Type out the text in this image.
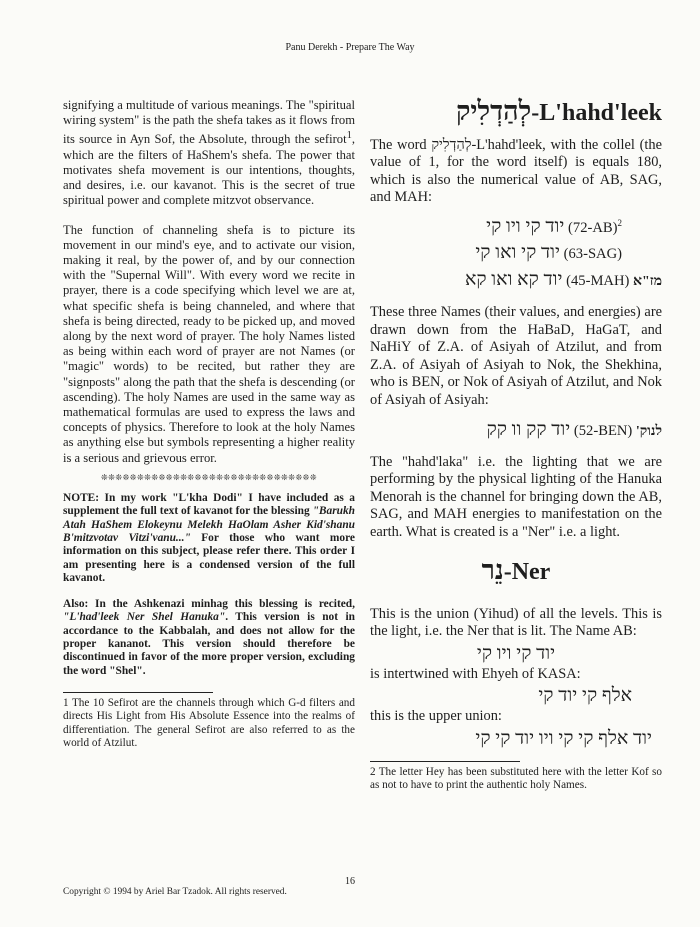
Panu Derekh - Prepare The Way

signifying a multitude of various meanings. The "spiritual wiring system" is the path the shefa takes as it flows from its source in Ayn Sof, the Absolute, through the sefirot$^1$, which are the filters of HaShem's shefa. The power that motivates shefa movement is our intentions, thoughts, and desires, i.e. our kavanot. This is the secret of true spiritual power and complete mitzvot observance.

The function of channeling shefa is to picture its movement in our mind's eye, and to activate our vision, making it real, by the power of, and by our connection with the "Supernal Will". With every word we recite in prayer, there is a code specifying which level we are at, what specific shefa is being channeled, and where that shefa is being directed, ready to be picked up, and moved along by the next word of prayer. The holy Names listed as being within each word of prayer are not Names (or "magic" words) to be recited, but rather they are "signposts" along the path that the shefa is descending (or ascending). The holy Names are used in the same way as mathematical formulas are used to express the laws and concepts of physics. Therefore to look at the holy Names as anything else but symbols representing a higher reality is a serious and grievous error.

❊❊❊❊❊❊❊❊❊❊❊❊❊❊❊❊❊❊❊❊❊❊❊❊❊❊❊❊❊❊

NOTE: In my work "L'kha Dodi" I have included as a supplement the full text of kavanot for the blessing "Barukh Atah HaShem Elokeynu Melekh HaOlam Asher Kid'shanu B'mitzvotav Vitzi'vanu..." For those who want more information on this subject, please refer there. This order I am presenting here is a condensed version of the full kavanot.

Also: In the Ashkenazi minhag this blessing is recited, "L'had'leek Ner Shel Hanuka". This version is not in accordance to the Kabbalah, and does not allow for the proper kananot. This version should therefore be discontinued in favor of the more proper version, excluding the word "Shel".

1 The 10 Sefirot are the channels through which G-d filters and directs His Light from His Absolute Essence into the realms of differentiation. The general Sefirot are also referred to as the world of Atzilut.

לְהַדְלִיק-L'hahd'leek

The word לְהַדְלִיק-L'hahd'leek, with the collel (the value of 1, for the word itself) is equals 180, which is also the numerical value of AB, SAG, and MAH:

יוד קי ויו קי $(72-AB)^2$

יוד קי ואו קי (63-SAG)

יוד קא ואו קא (45-MAH) מז"א

These three Names (their values, and energies) are drawn down from the HaBaD, HaGaT, and NaHiY of Z.A. of Asiyah of Atzilut, and from Z.A. of Asiyah of Asiyah to Nok, the Shekhina, who is BEN, or Nok of Asiyah of Atzilut, and Nok of Asiyah of Asiyah:

יוד קק וו קק (52-BEN) לנוק'

The "hahd'laka" i.e. the lighting that we are performing by the physical lighting of the Hanuka Menorah is the channel for bringing down the AB, SAG, and MAH energies to manifestation on the earth. What is created is a "Ner" i.e. a light.

נֵר-Ner

This is the union (Yihud) of all the levels. This is the light, i.e. the Ner that is lit. The Name AB:

יוד קי ויו קי

is intertwined with Ehyeh of KASA:

אלף קי יוד קי

this is the upper union:

יוד אלף קי קי ויו יוד קי קי

2 The letter Hey has been substituted here with the letter Kof so as not to have to print the authentic holy Names.

16
Copyright © 1994 by Ariel Bar Tzadok. All rights reserved.
